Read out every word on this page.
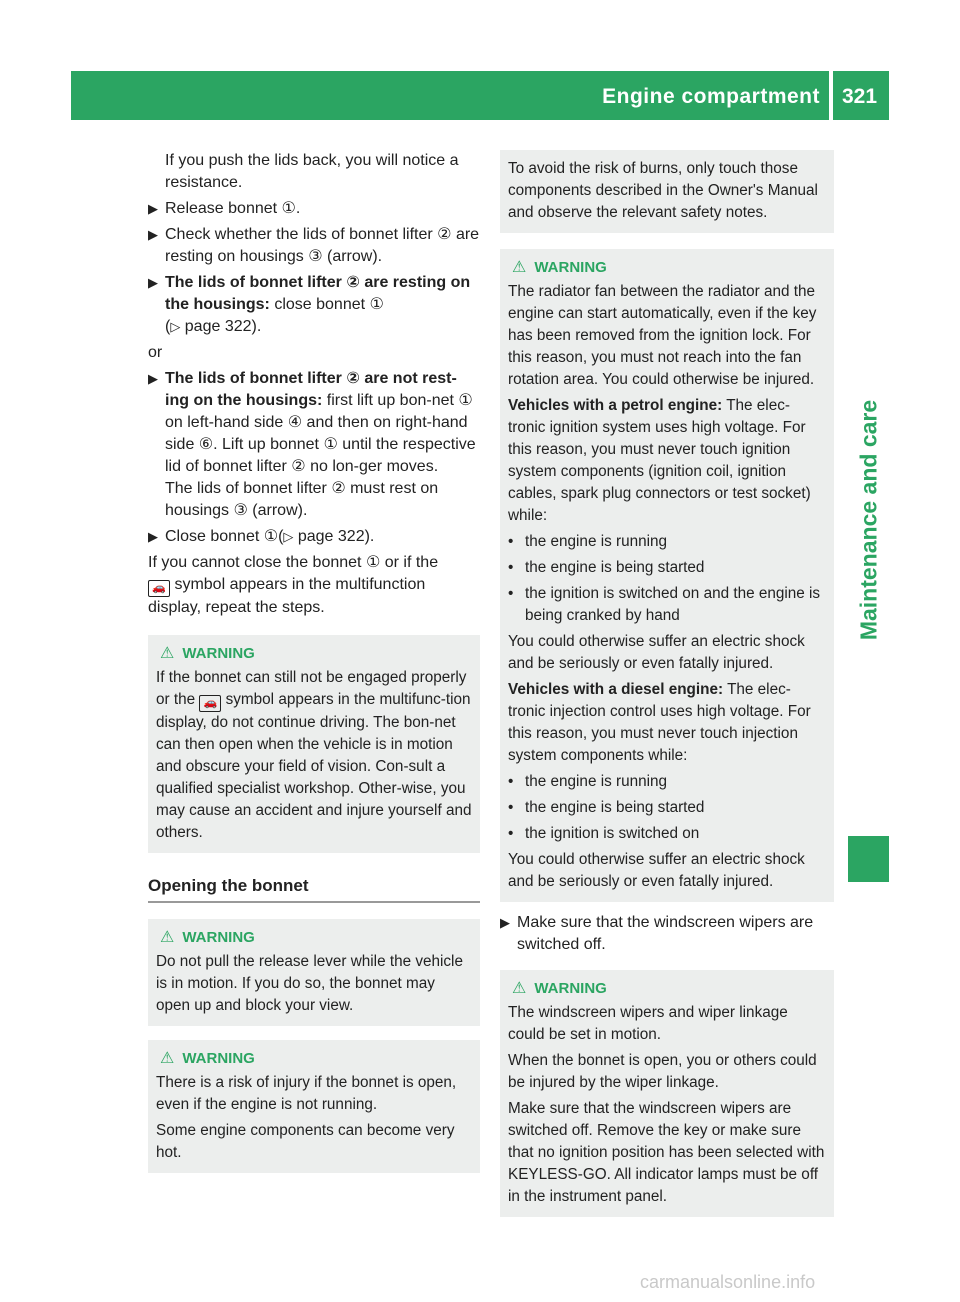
Engine compartment 321
Maintenance and care

If you push the lids back, you will notice a resistance.

▶ Release bonnet ①.
▶ Check whether the lids of bonnet lifter ② are resting on housings ③ (arrow).
▶ The lids of bonnet lifter ② are resting on the housings: close bonnet ①
(▷ page 322).

or

▶ The lids of bonnet lifter ② are not rest-ing on the housings: first lift up bon-net ① on left-hand side ④ and then on right-hand side ⑥. Lift up bonnet ① until the respective lid of bonnet lifter ② no lon-ger moves.
The lids of bonnet lifter ② must rest on housings ③ (arrow).
▶ Close bonnet ①(▷ page 322).

If you cannot close the bonnet ① or if the
🚗 symbol appears in the multifunction display, repeat the steps.

⚠ WARNING
If the bonnet can still not be engaged properly or the 🚗 symbol appears in the multifunc-tion display, do not continue driving. The bon-net can then open when the vehicle is in motion and obscure your field of vision. Con-sult a qualified specialist workshop. Other-wise, you may cause an accident and injure yourself and others.
Opening the bonnet
⚠ WARNING
Do not pull the release lever while the vehicle is in motion. If you do so, the bonnet may open up and block your view.
⚠ WARNING

There is a risk of injury if the bonnet is open, even if the engine is not running.

Some engine components can become very hot.
To avoid the risk of burns, only touch those components described in the Owner's Manual and observe the relevant safety notes.
⚠ WARNING

The radiator fan between the radiator and the engine can start automatically, even if the key has been removed from the ignition lock. For this reason, you must not reach into the fan rotation area. You could otherwise be injured.

Vehicles with a petrol engine: The elec-tronic ignition system uses high voltage. For this reason, you must never touch ignition system components (ignition coil, ignition cables, spark plug connectors or test socket) while:

• the engine is running
• the engine is being started
• the ignition is switched on and the engine is being cranked by hand

You could otherwise suffer an electric shock and be seriously or even fatally injured.

Vehicles with a diesel engine: The elec-tronic injection control uses high voltage. For this reason, you must never touch injection system components while:

• the engine is running
• the engine is being started
• the ignition is switched on
You could otherwise suffer an electric shock and be seriously or even fatally injured.
▶ Make sure that the windscreen wipers are switched off.
⚠ WARNING

The windscreen wipers and wiper linkage could be set in motion.

When the bonnet is open, you or others could be injured by the wiper linkage.

Make sure that the windscreen wipers are switched off. Remove the key or make sure that no ignition position has been selected with KEYLESS-GO. All indicator lamps must be off in the instrument panel.
carmanualsonline.info
